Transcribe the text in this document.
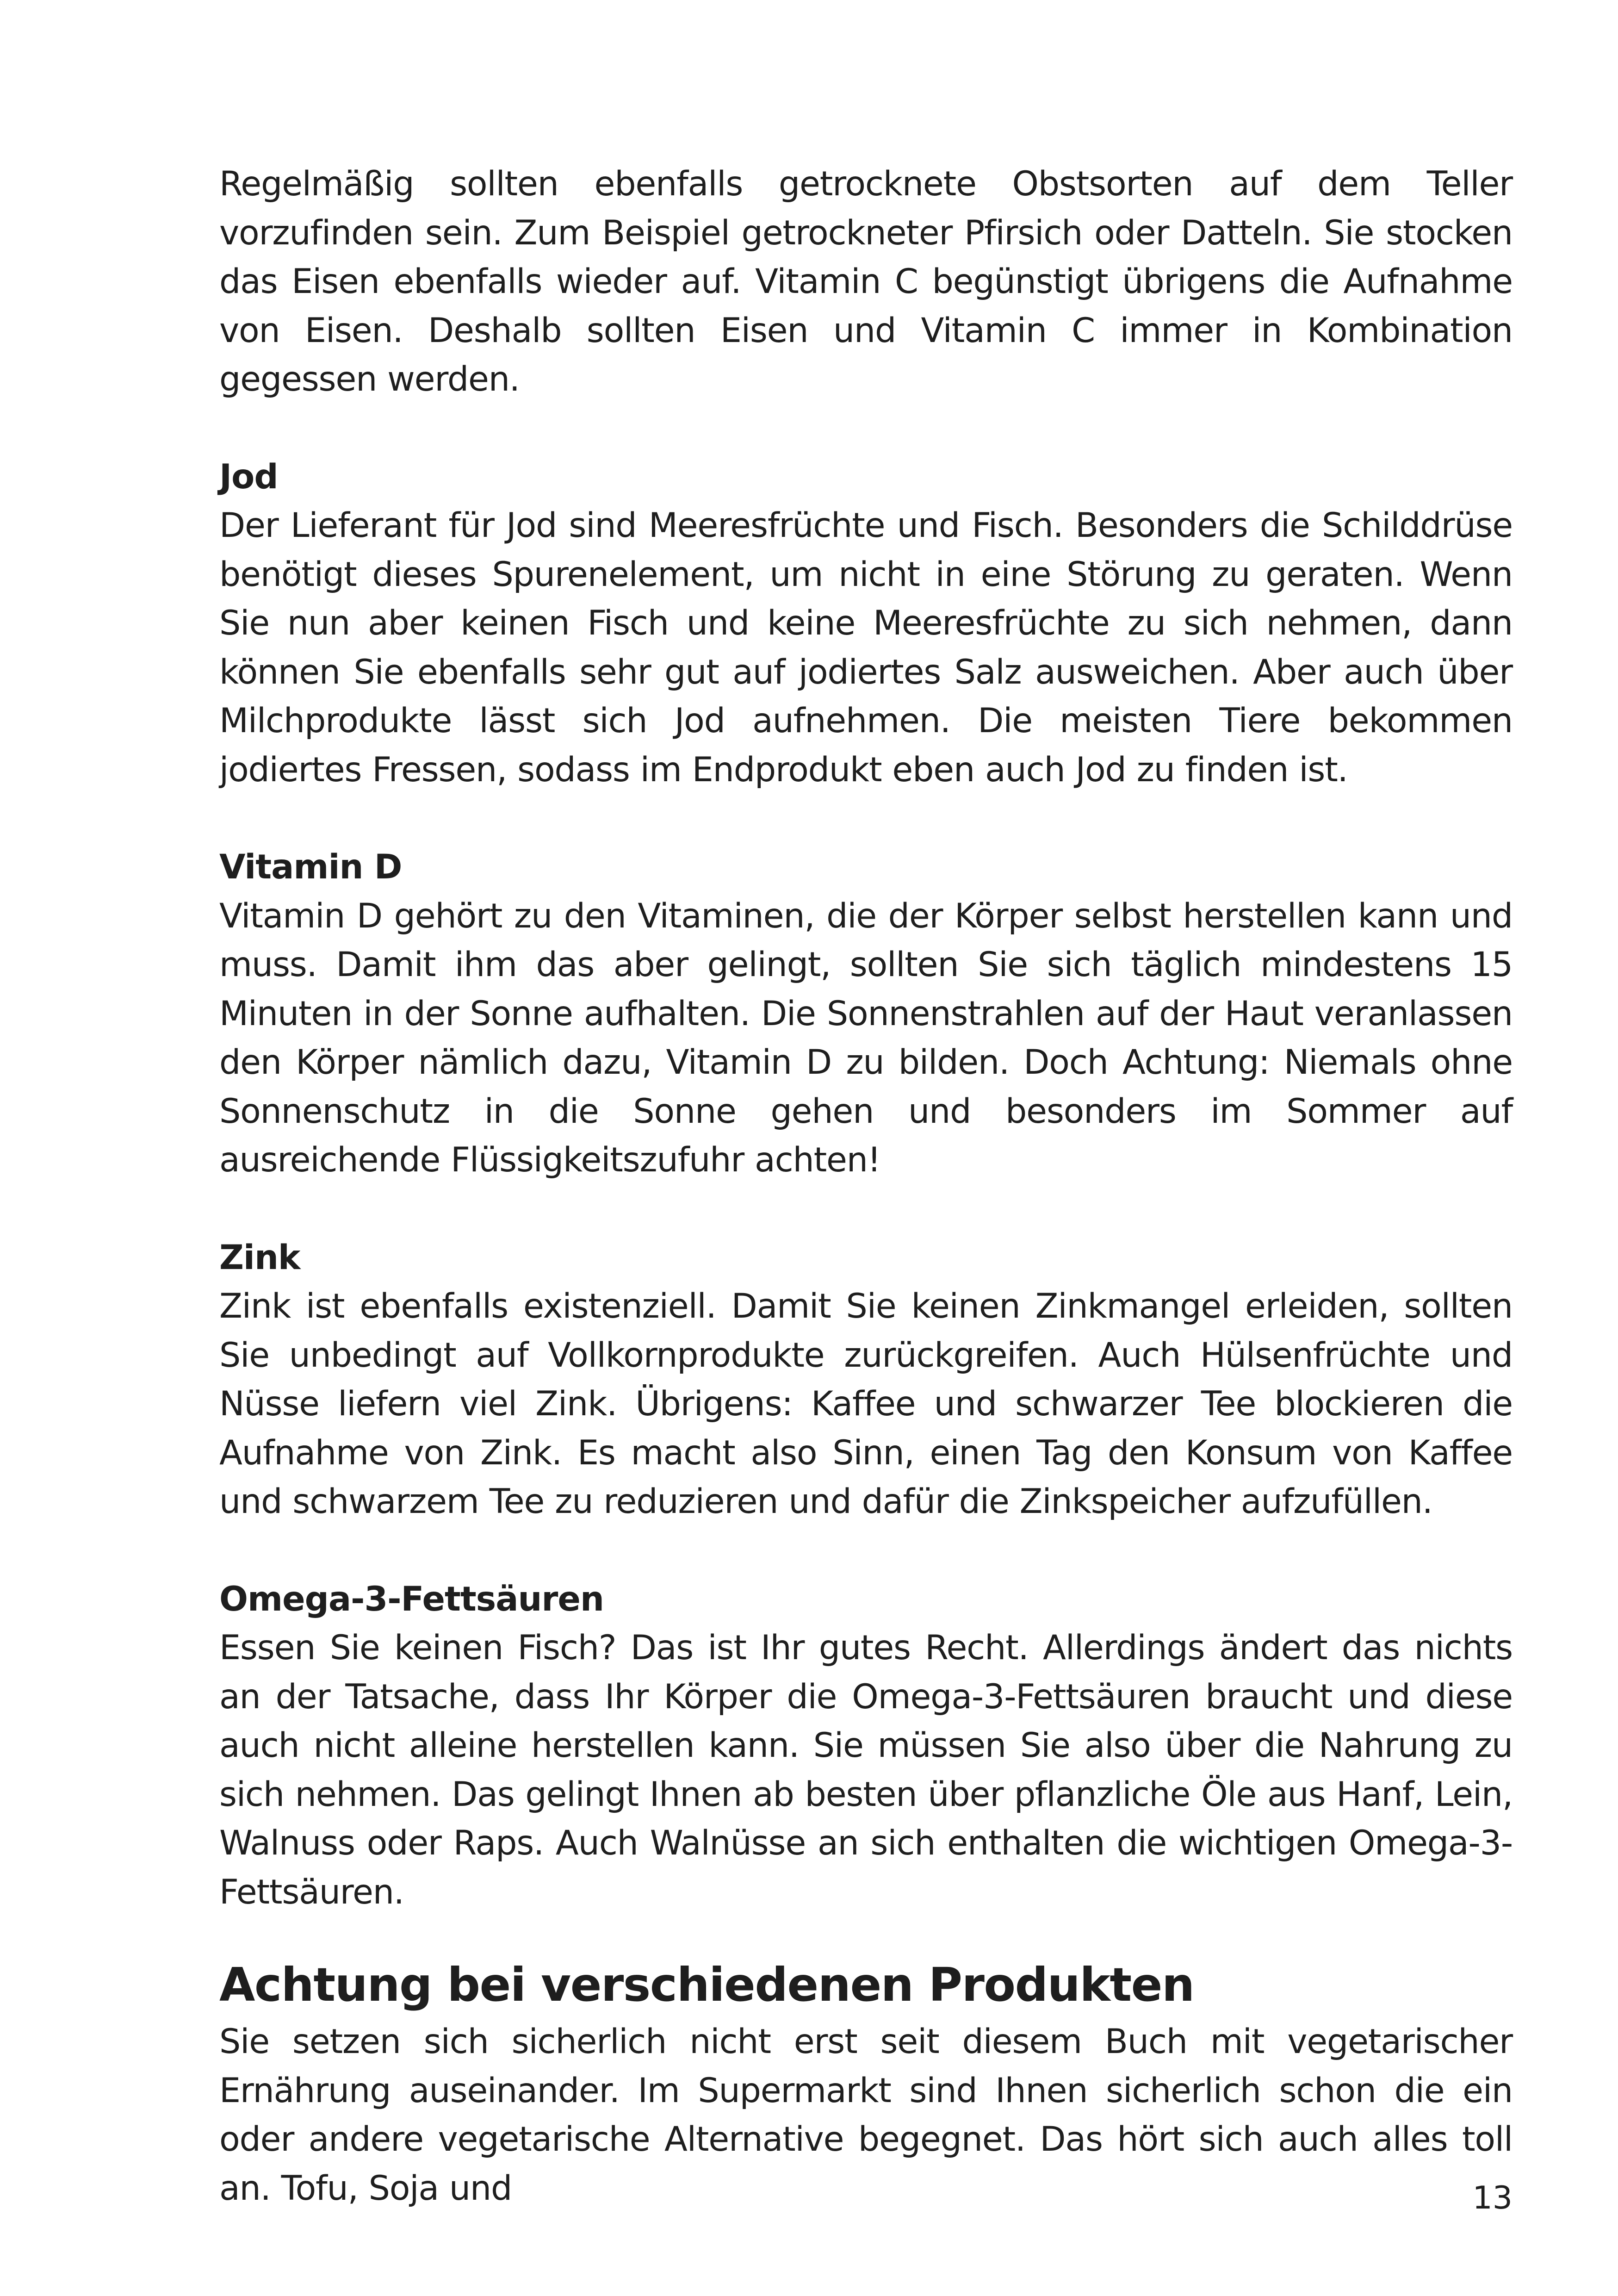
Regelmäßig sollten ebenfalls getrocknete Obstsorten auf dem Teller vorzufinden sein. Zum Beispiel getrockneter Pfirsich oder Datteln. Sie stocken das Eisen ebenfalls wieder auf. Vitamin C begünstigt übrigens die Aufnahme von Eisen. Deshalb sollten Eisen und Vitamin C immer in Kombination gegessen werden.

Jod

Der Lieferant für Jod sind Meeresfrüchte und Fisch. Besonders die Schilddrüse benötigt dieses Spurenelement, um nicht in eine Störung zu geraten. Wenn Sie nun aber keinen Fisch und keine Meeresfrüchte zu sich nehmen, dann können Sie ebenfalls sehr gut auf jodiertes Salz ausweichen. Aber auch über Milchprodukte lässt sich Jod aufnehmen. Die meisten Tiere bekommen jodiertes Fressen, sodass im Endprodukt eben auch Jod zu finden ist.

Vitamin D

Vitamin D gehört zu den Vitaminen, die der Körper selbst herstellen kann und muss. Damit ihm das aber gelingt, sollten Sie sich täglich mindestens 15 Minuten in der Sonne aufhalten. Die Sonnenstrahlen auf der Haut veranlassen den Körper nämlich dazu, Vitamin D zu bilden. Doch Achtung: Niemals ohne Sonnenschutz in die Sonne gehen und besonders im Sommer auf ausreichende Flüssigkeitszufuhr achten!

Zink

Zink ist ebenfalls existenziell. Damit Sie keinen Zinkmangel erleiden, sollten Sie unbedingt auf Vollkornprodukte zurückgreifen. Auch Hülsenfrüchte und Nüsse liefern viel Zink. Übrigens: Kaffee und schwarzer Tee blockieren die Aufnahme von Zink. Es macht also Sinn, einen Tag den Konsum von Kaffee und schwarzem Tee zu reduzieren und dafür die Zinkspeicher aufzufüllen.

Omega-3-Fettsäuren

Essen Sie keinen Fisch? Das ist Ihr gutes Recht. Allerdings ändert das nichts an der Tatsache, dass Ihr Körper die Omega-3-Fettsäuren braucht und diese auch nicht alleine herstellen kann. Sie müssen Sie also über die Nahrung zu sich nehmen. Das gelingt Ihnen ab besten über pflanzliche Öle aus Hanf, Lein, Walnuss oder Raps. Auch Walnüsse an sich enthalten die wichtigen Omega-3-Fettsäuren.

Achtung bei verschiedenen Produkten

Sie setzen sich sicherlich nicht erst seit diesem Buch mit vegetarischer Ernährung auseinander. Im Supermarkt sind Ihnen sicherlich schon die ein oder andere vegetarische Alternative begegnet. Das hört sich auch alles toll an. Tofu, Soja und	13
